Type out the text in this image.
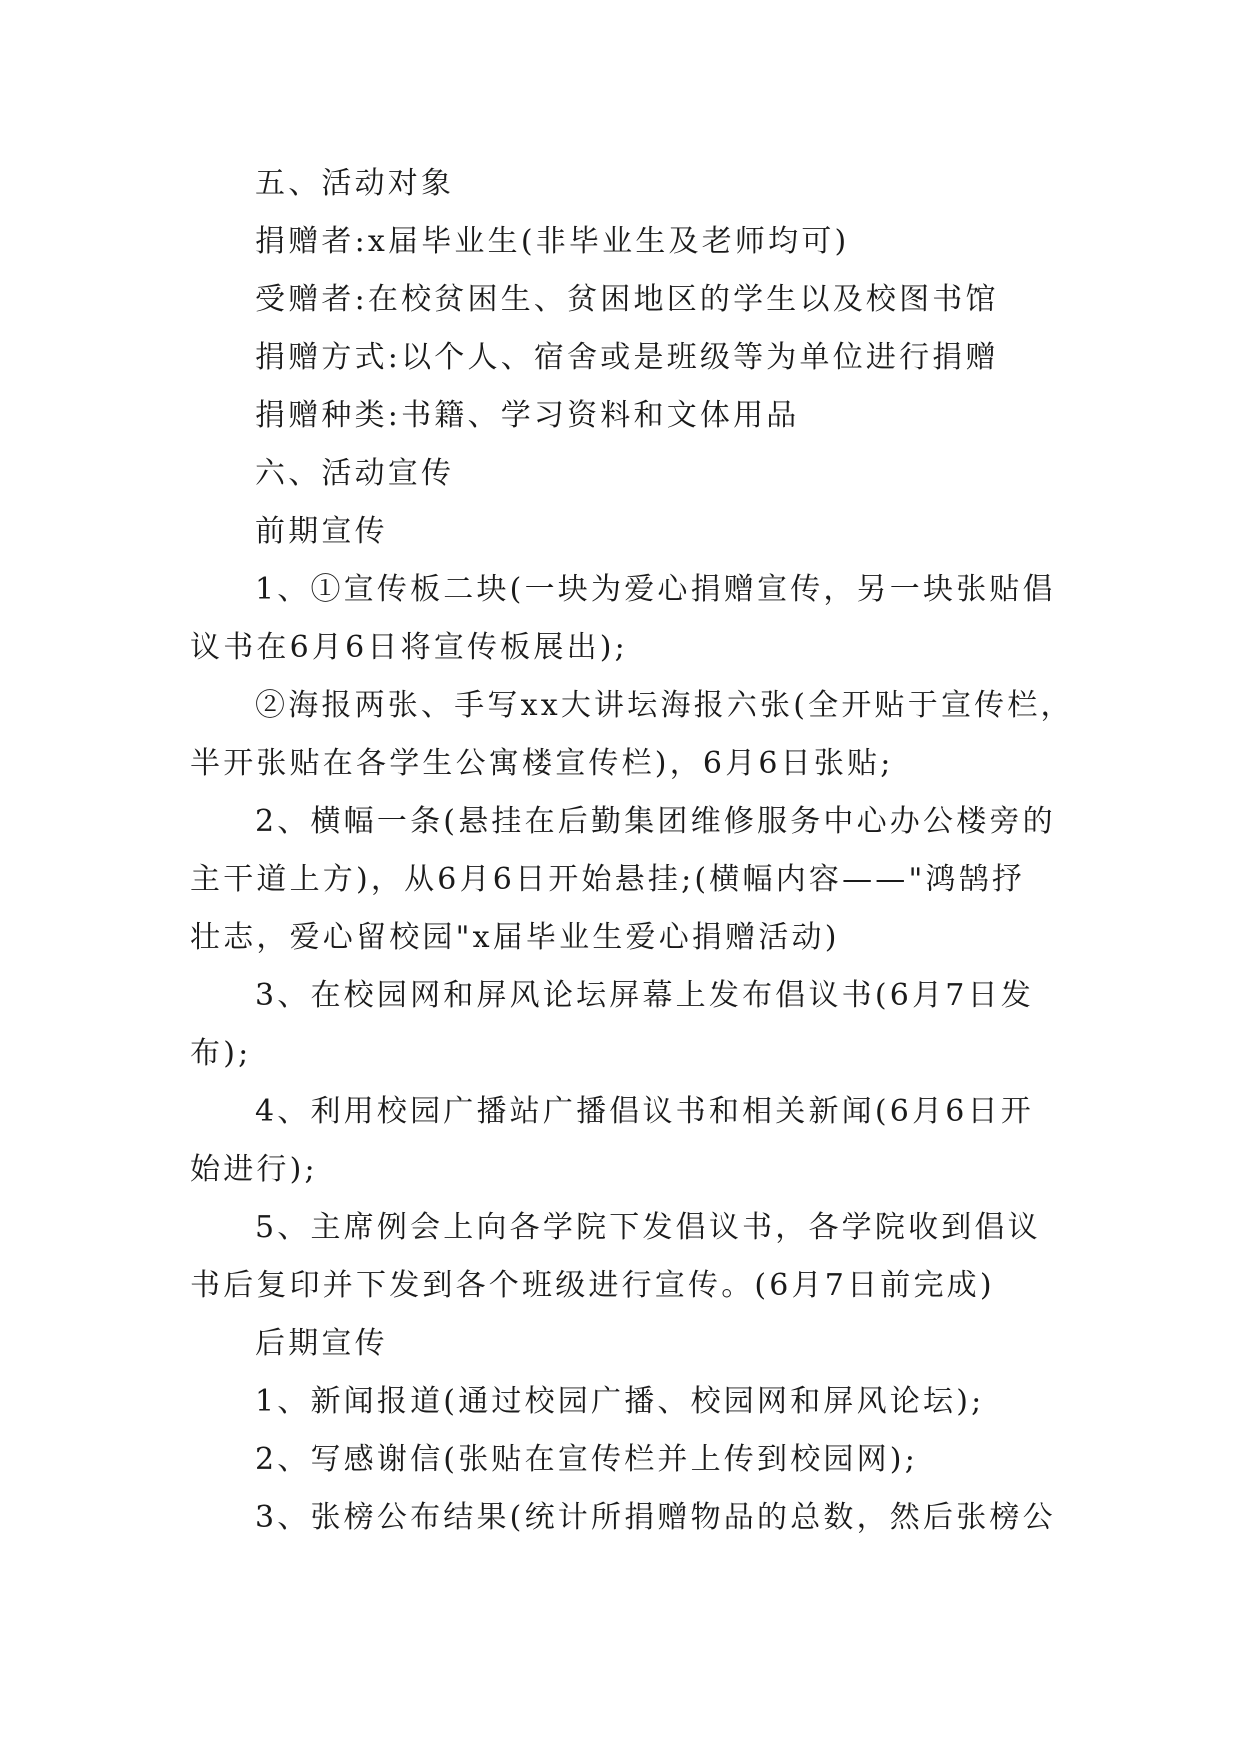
五、活动对象
捐赠者:x届毕业生(非毕业生及老师均可)
受赠者:在校贫困生、贫困地区的学生以及校图书馆
捐赠方式:以个人、宿舍或是班级等为单位进行捐赠
捐赠种类:书籍、学习资料和文体用品
六、活动宣传
前期宣传
1、①宣传板二块(一块为爱心捐赠宣传，另一块张贴倡
议书在6月6日将宣传板展出);
②海报两张、手写xx大讲坛海报六张(全开贴于宣传栏，
半开张贴在各学生公寓楼宣传栏)，6月6日张贴;
2、横幅一条(悬挂在后勤集团维修服务中心办公楼旁的
主干道上方)，从6月6日开始悬挂;(横幅内容——"鸿鹄抒
壮志，爱心留校园"x届毕业生爱心捐赠活动)
3、在校园网和屏风论坛屏幕上发布倡议书(6月7日发
布);
4、利用校园广播站广播倡议书和相关新闻(6月6日开
始进行);
5、主席例会上向各学院下发倡议书，各学院收到倡议
书后复印并下发到各个班级进行宣传。(6月7日前完成)
后期宣传
1、新闻报道(通过校园广播、校园网和屏风论坛);
2、写感谢信(张贴在宣传栏并上传到校园网);
3、张榜公布结果(统计所捐赠物品的总数，然后张榜公
